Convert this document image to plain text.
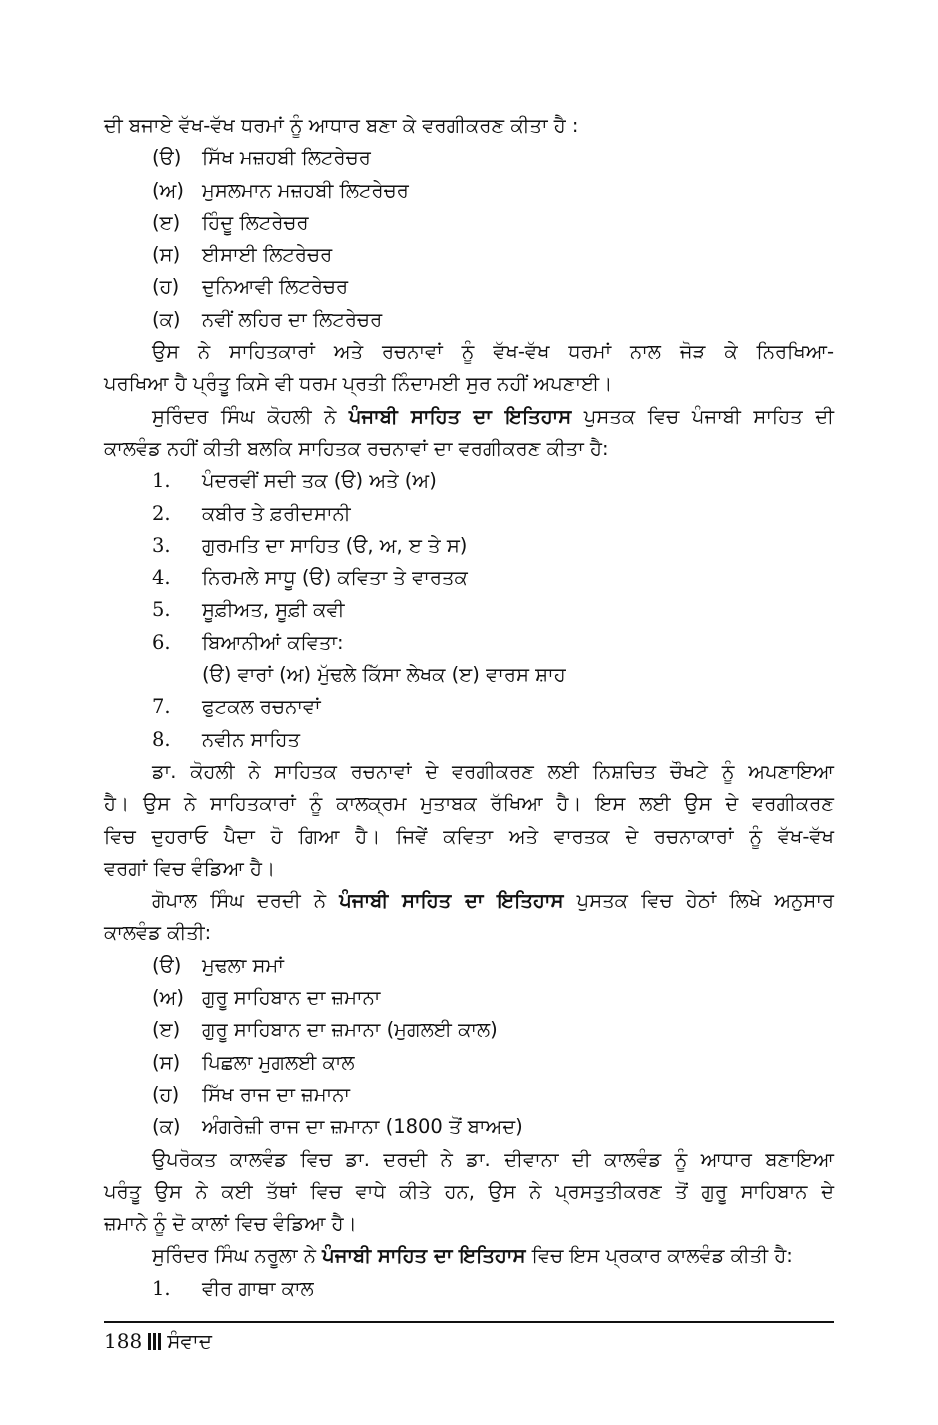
ਦੀ ਬਜਾਏ ਵੱਖ-ਵੱਖ ਧਰਮਾਂ ਨੂੰ ਆਧਾਰ ਬਣਾ ਕੇ ਵਰਗੀਕਰਣ ਕੀਤਾ ਹੈ :
(ੳ)	ਸਿੱਖ ਮਜ਼ਹਬੀ ਲਿਟਰੇਚਰ
(ਅ) ਮੁਸਲਮਾਨ ਮਜ਼ਹਬੀ ਲਿਟਰੇਚਰ
(ੲ)	ਹਿੰਦੂ ਲਿਟਰੇਚਰ
(ਸ)	ਈਸਾਈ ਲਿਟਰੇਚਰ
(ਹ)	ਦੁਨਿਆਵੀ ਲਿਟਰੇਚਰ
(ਕ)	ਨਵੀਂ ਲਹਿਰ ਦਾ ਲਿਟਰੇਚਰ
ਉਸ ਨੇ ਸਾਹਿਤਕਾਰਾਂ ਅਤੇ ਰਚਨਾਵਾਂ ਨੂੰ ਵੱਖ-ਵੱਖ ਧਰਮਾਂ ਨਾਲ ਜੋੜ ਕੇ ਨਿਰਖਿਆ-
ਪਰਖਿਆ ਹੈ ਪ੍ਰੰਤੂ ਕਿਸੇ ਵੀ ਧਰਮ ਪ੍ਰਤੀ ਨਿੰਦਾਮਈ ਸੁਰ ਨਹੀਂ ਅਪਣਾਈ।
ਸੁਰਿੰਦਰ ਸਿੰਘ ਕੋਹਲੀ ਨੇ ਪੰਜਾਬੀ ਸਾਹਿਤ ਦਾ ਇਤਿਹਾਸ ਪੁਸਤਕ ਵਿਚ ਪੰਜਾਬੀ ਸਾਹਿਤ ਦੀ
ਕਾਲਵੰਡ ਨਹੀਂ ਕੀਤੀ ਬਲਕਿ ਸਾਹਿਤਕ ਰਚਨਾਵਾਂ ਦਾ ਵਰਗੀਕਰਣ ਕੀਤਾ ਹੈ:
1.	ਪੰਦਰਵੀਂ ਸਦੀ ਤਕ (ੳ) ਅਤੇ (ਅ)
2.	ਕਬੀਰ ਤੇ ਫ਼ਰੀਦਸਾਨੀ
3.	ਗੁਰਮਤਿ ਦਾ ਸਾਹਿਤ (ੳ, ਅ, ੲ ਤੇ ਸ)
4.	ਨਿਰਮਲੇ ਸਾਧੂ (ੳ) ਕਵਿਤਾ ਤੇ ਵਾਰਤਕ
5.	ਸੂਫ਼ੀਅਤ, ਸੂਫ਼ੀ ਕਵੀ
6.	ਬਿਆਨੀਆਂ ਕਵਿਤਾ:
(ੳ) ਵਾਰਾਂ (ਅ) ਮੁੱਢਲੇ ਕਿੱਸਾ ਲੇਖਕ (ੲ) ਵਾਰਸ ਸ਼ਾਹ
7.	ਫੁਟਕਲ ਰਚਨਾਵਾਂ
8.	ਨਵੀਨ ਸਾਹਿਤ
ਡਾ. ਕੋਹਲੀ ਨੇ ਸਾਹਿਤਕ ਰਚਨਾਵਾਂ ਦੇ ਵਰਗੀਕਰਣ ਲਈ ਨਿਸ਼ਚਿਤ ਚੌਖਟੇ ਨੂੰ ਅਪਣਾਇਆ
ਹੈ। ਉਸ ਨੇ ਸਾਹਿਤਕਾਰਾਂ ਨੂੰ ਕਾਲਕ੍ਰਮ ਮੁਤਾਬਕ ਰੱਖਿਆ ਹੈ। ਇਸ ਲਈ ਉਸ ਦੇ ਵਰਗੀਕਰਣ
ਵਿਚ ਦੁਹਰਾਓ ਪੈਦਾ ਹੋ ਗਿਆ ਹੈ। ਜਿਵੇਂ ਕਵਿਤਾ ਅਤੇ ਵਾਰਤਕ ਦੇ ਰਚਨਾਕਾਰਾਂ ਨੂੰ ਵੱਖ-ਵੱਖ
ਵਰਗਾਂ ਵਿਚ ਵੰਡਿਆ ਹੈ।
ਗੋਪਾਲ ਸਿੰਘ ਦਰਦੀ ਨੇ ਪੰਜਾਬੀ ਸਾਹਿਤ ਦਾ ਇਤਿਹਾਸ ਪੁਸਤਕ ਵਿਚ ਹੇਠਾਂ ਲਿਖੇ ਅਨੁਸਾਰ
ਕਾਲਵੰਡ ਕੀਤੀ:
(ੳ)	ਮੁਢਲਾ ਸਮਾਂ
(ਅ) ਗੁਰੂ ਸਾਹਿਬਾਨ ਦਾ ਜ਼ਮਾਨਾ
(ੲ)	ਗੁਰੂ ਸਾਹਿਬਾਨ ਦਾ ਜ਼ਮਾਨਾ (ਮੁਗਲਈ ਕਾਲ)
(ਸ)	ਪਿਛਲਾ ਮੁਗਲਈ ਕਾਲ
(ਹ)	ਸਿੱਖ ਰਾਜ ਦਾ ਜ਼ਮਾਨਾ
(ਕ)	ਅੰਗਰੇਜ਼ੀ ਰਾਜ ਦਾ ਜ਼ਮਾਨਾ (1800 ਤੋਂ ਬਾਅਦ)
ਉਪਰੋਕਤ ਕਾਲਵੰਡ ਵਿਚ ਡਾ. ਦਰਦੀ ਨੇ ਡਾ. ਦੀਵਾਨਾ ਦੀ ਕਾਲਵੰਡ ਨੂੰ ਆਧਾਰ ਬਣਾਇਆ
ਪਰੰਤੂ ਉਸ ਨੇ ਕਈ ਤੱਥਾਂ ਵਿਚ ਵਾਧੇ ਕੀਤੇ ਹਨ, ਉਸ ਨੇ ਪ੍ਰਸਤੁਤੀਕਰਣ ਤੋਂ ਗੁਰੂ ਸਾਹਿਬਾਨ ਦੇ
ਜ਼ਮਾਨੇ ਨੂੰ ਦੋ ਕਾਲਾਂ ਵਿਚ ਵੰਡਿਆ ਹੈ।
ਸੁਰਿੰਦਰ ਸਿੰਘ ਨਰੂਲਾ ਨੇ ਪੰਜਾਬੀ ਸਾਹਿਤ ਦਾ ਇਤਿਹਾਸ ਵਿਚ ਇਸ ਪ੍ਰਕਾਰ ਕਾਲਵੰਡ ਕੀਤੀ ਹੈ:
1.	ਵੀਰ ਗਾਥਾ ਕਾਲ
188 ਸੰਵਾਦ
